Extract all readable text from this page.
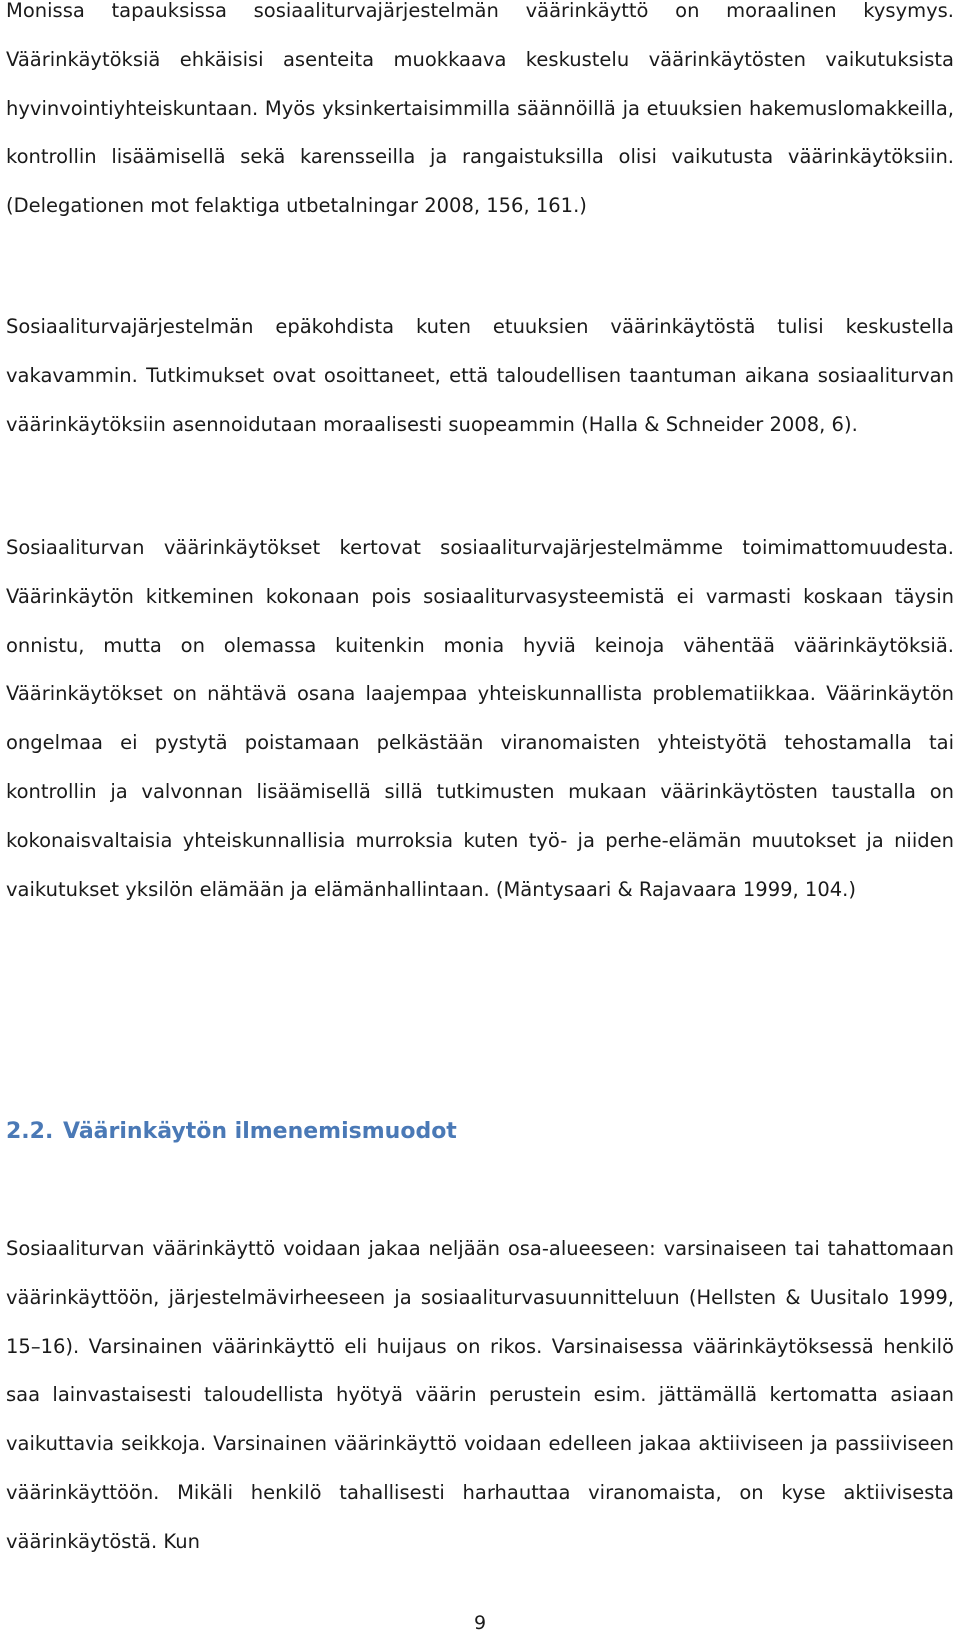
Monissa tapauksissa sosiaaliturvajärjestelmän väärinkäyttö on moraalinen kysymys. Väärinkäytöksiä ehkäisisi asenteita muokkaava keskustelu väärinkäytösten vaikutuksista hyvinvointiyhteiskuntaan. Myös yksinkertaisimmilla säännöillä ja etuuksien hakemuslomakkeilla, kontrollin lisäämisellä sekä karensseilla ja rangaistuksilla olisi vaikutusta väärinkäytöksiin. (Delegationen mot felaktiga utbetalningar 2008, 156, 161.)

Sosiaaliturvajärjestelmän epäkohdista kuten etuuksien väärinkäytöstä tulisi keskustella vakavammin. Tutkimukset ovat osoittaneet, että taloudellisen taantuman aikana sosiaaliturvan väärinkäytöksiin asennoidutaan moraalisesti suopeammin (Halla & Schneider 2008, 6).

Sosiaaliturvan väärinkäytökset kertovat sosiaaliturvajärjestelmämme toimimattomuudesta. Väärinkäytön kitkeminen kokonaan pois sosiaaliturvasysteemistä ei varmasti koskaan täysin onnistu, mutta on olemassa kuitenkin monia hyviä keinoja vähentää väärinkäytöksiä. Väärinkäytökset on nähtävä osana laajempaa yhteiskunnallista problematiikkaa. Väärinkäytön ongelmaa ei pystytä poistamaan pelkästään viranomaisten yhteistyötä tehostamalla tai kontrollin ja valvonnan lisäämisellä sillä tutkimusten mukaan väärinkäytösten taustalla on kokonaisvaltaisia yhteiskunnallisia murroksia kuten työ- ja perhe-elämän muutokset ja niiden vaikutukset yksilön elämään ja elämänhallintaan. (Mäntysaari & Rajavaara 1999, 104.)

2.2. Väärinkäytön ilmenemismuodot

Sosiaaliturvan väärinkäyttö voidaan jakaa neljään osa-alueeseen: varsinaiseen tai tahattomaan väärinkäyttöön, järjestelmävirheeseen ja sosiaaliturvasuunnitteluun (Hellsten & Uusitalo 1999, 15–16). Varsinainen väärinkäyttö eli huijaus on rikos. Varsinaisessa väärinkäytöksessä henkilö saa lainvastaisesti taloudellista hyötyä väärin perustein esim. jättämällä kertomatta asiaan vaikuttavia seikkoja. Varsinainen väärinkäyttö voidaan edelleen jakaa aktiiviseen ja passiiviseen väärinkäyttöön. Mikäli henkilö tahallisesti harhauttaa viranomaista, on kyse aktiivisesta väärinkäytöstä. Kun

9
